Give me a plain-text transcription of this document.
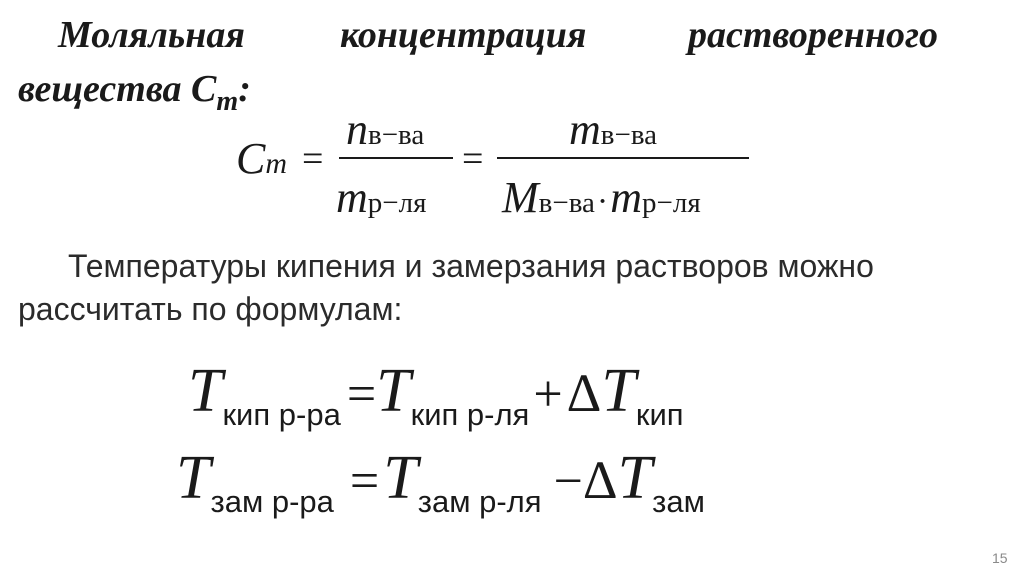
Моляльная	концентрация	растворенного
вещества $C_m$:
Cm =
nв−ва
mр−ля
=
mв−ва
Mв−ва·mр−ля
Температуры кипения и замерзания растворов можно
рассчитать по формулам:
Tкип р-ра =Tкип р-ля + ΔTкип
Tзам р-ра = Tзам р-ля −ΔTзам
15
